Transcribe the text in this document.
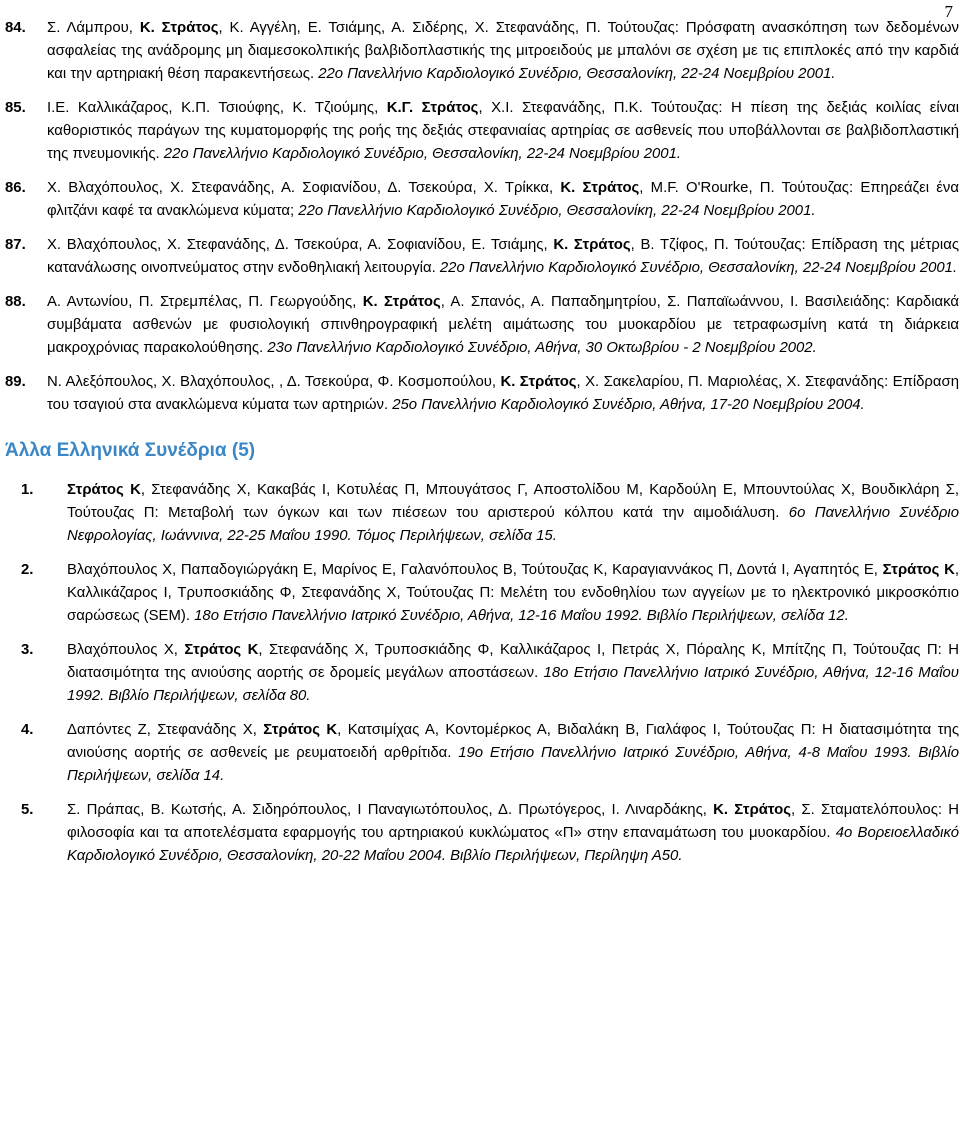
7
84.	Σ. Λάμπρου, Κ. Στράτος, Κ. Αγγέλη, Ε. Τσιάμης, Α. Σιδέρης, Χ. Στεφανάδης, Π. Τούτουζας: Πρόσφατη ανασκόπηση των δεδομένων ασφαλείας της ανάδρομης μη διαμεσοκολπικής βαλβιδοπλαστικής της μιτροειδούς με μπαλόνι σε σχέση με τις επιπλοκές από την καρδιά και την αρτηριακή θέση παρακεντήσεως. 22ο Πανελλήνιο Καρδιολογικό Συνέδριο, Θεσσαλονίκη, 22-24 Νοεμβρίου 2001.
85.	Ι.Ε. Καλλικάζαρος, Κ.Π. Τσιούφης, Κ. Τζιούμης, Κ.Γ. Στράτος, Χ.Ι. Στεφανάδης, Π.Κ. Τούτουζας: Η πίεση της δεξιάς κοιλίας είναι καθοριστικός παράγων της κυματομορφής της ροής της δεξιάς στεφανιαίας αρτηρίας σε ασθενείς που υποβάλλονται σε βαλβιδοπλαστική της πνευμονικής. 22ο Πανελλήνιο Καρδιολογικό Συνέδριο, Θεσσαλονίκη, 22-24 Νοεμβρίου 2001.
86.	Χ. Βλαχόπουλος, Χ. Στεφανάδης, Α. Σοφιανίδου, Δ. Τσεκούρα, Χ. Τρίκκα, Κ. Στράτος, M.F. O'Rourke, Π. Τούτουζας: Επηρεάζει ένα φλιτζάνι καφέ τα ανακλώμενα κύματα; 22ο Πανελλήνιο Καρδιολογικό Συνέδριο, Θεσσαλονίκη, 22-24 Νοεμβρίου 2001.
87.	Χ. Βλαχόπουλος, Χ. Στεφανάδης, Δ. Τσεκούρα, Α. Σοφιανίδου, Ε. Τσιάμης, Κ. Στράτος, Β. Τζίφος, Π. Τούτουζας: Επίδραση της μέτριας κατανάλωσης οινοπνεύματος στην ενδοθηλιακή λειτουργία. 22ο Πανελλήνιο Καρδιολογικό Συνέδριο, Θεσσαλονίκη, 22-24 Νοεμβρίου 2001.
88.	Α. Αντωνίου, Π. Στρεμπέλας, Π. Γεωργούδης, Κ. Στράτος, Α. Σπανός, Α. Παπαδημητρίου, Σ. Παπαϊωάννου, Ι. Βασιλειάδης: Καρδιακά συμβάματα ασθενών με φυσιολογική σπινθηρογραφική μελέτη αιμάτωσης του μυοκαρδίου με τετραφωσμίνη κατά τη διάρκεια μακροχρόνιας παρακολούθησης. 23ο Πανελλήνιο Καρδιολογικό Συνέδριο, Αθήνα, 30 Οκτωβρίου - 2 Νοεμβρίου 2002.
89.	Ν. Αλεξόπουλος, Χ. Βλαχόπουλος, , Δ. Τσεκούρα, Φ. Κοσμοπούλου, Κ. Στράτος, Χ. Σακελαρίου, Π. Μαριολέας, Χ. Στεφανάδης: Επίδραση του τσαγιού στα ανακλώμενα κύματα των αρτηριών. 25ο Πανελλήνιο Καρδιολογικό Συνέδριο, Αθήνα, 17-20 Νοεμβρίου 2004.
Άλλα Ελληνικά Συνέδρια (5)
1.	Στράτος Κ, Στεφανάδης Χ, Κακαβάς Ι, Κοτυλέας Π, Μπουγάτσος Γ, Αποστολίδου Μ, Καρδούλη Ε, Μπουντούλας Χ, Βουδικλάρη Σ, Τούτουζας Π: Μεταβολή των όγκων και των πιέσεων του αριστερού κόλπου κατά την αιμοδιάλυση. 6ο Πανελλήνιο Συνέδριο Νεφρολογίας, Ιωάννινα, 22-25 Μαΐου 1990. Τόμος Περιλήψεων, σελίδα 15.
2.	Βλαχόπουλος Χ, Παπαδογιώργάκη Ε, Μαρίνος Ε, Γαλανόπουλος Β, Τούτουζας Κ, Καραγιαννάκος Π, Δοντά Ι, Αγαπητός Ε, Στράτος Κ, Καλλικάζαρος Ι, Τρυποσκιάδης Φ, Στεφανάδης Χ, Τούτουζας Π: Μελέτη του ενδοθηλίου των αγγείων με το ηλεκτρονικό μικροσκόπιο σαρώσεως (SEM). 18ο Ετήσιο Πανελλήνιο Ιατρικό Συνέδριο, Αθήνα, 12-16 Μαΐου 1992. Βιβλίο Περιλήψεων, σελίδα 12.
3.	Βλαχόπουλος Χ, Στράτος Κ, Στεφανάδης Χ, Τρυποσκιάδης Φ, Καλλικάζαρος Ι, Πετράς Χ, Πόραλης Κ, Μπίτζης Π, Τούτουζας Π: Η διατασιμότητα της ανιούσης αορτής σε δρομείς μεγάλων αποστάσεων. 18ο Ετήσιο Πανελλήνιο Ιατρικό Συνέδριο, Αθήνα, 12-16 Μαΐου 1992. Βιβλίο Περιλήψεων, σελίδα 80.
4.	Δαπόντες Ζ, Στεφανάδης Χ, Στράτος Κ, Κατσιμίχας Α, Κοντομέρκος Α, Βιδαλάκη Β, Γιαλάφος Ι, Τούτουζας Π: Η διατασιμότητα της ανιούσης αορτής σε ασθενείς με ρευματοειδή αρθρίτιδα. 19ο Ετήσιο Πανελλήνιο Ιατρικό Συνέδριο, Αθήνα, 4-8 Μαΐου 1993. Βιβλίο Περιλήψεων, σελίδα 14.
5.	Σ. Πράπας, Β. Κωτσής, Α. Σιδηρόπουλος, Ι Παναγιωτόπουλος, Δ. Πρωτόγερος, Ι. Λιναρδάκης, Κ. Στράτος, Σ. Σταματελόπουλος: Η φιλοσοφία και τα αποτελέσματα εφαρμογής του αρτηριακού κυκλώματος «Π» στην επαναμάτωση του μυοκαρδίου. 4ο Βορειοελλαδικό Καρδιολογικό Συνέδριο, Θεσσαλονίκη, 20-22 Μαΐου 2004. Βιβλίο Περιλήψεων, Περίληψη Α50.
